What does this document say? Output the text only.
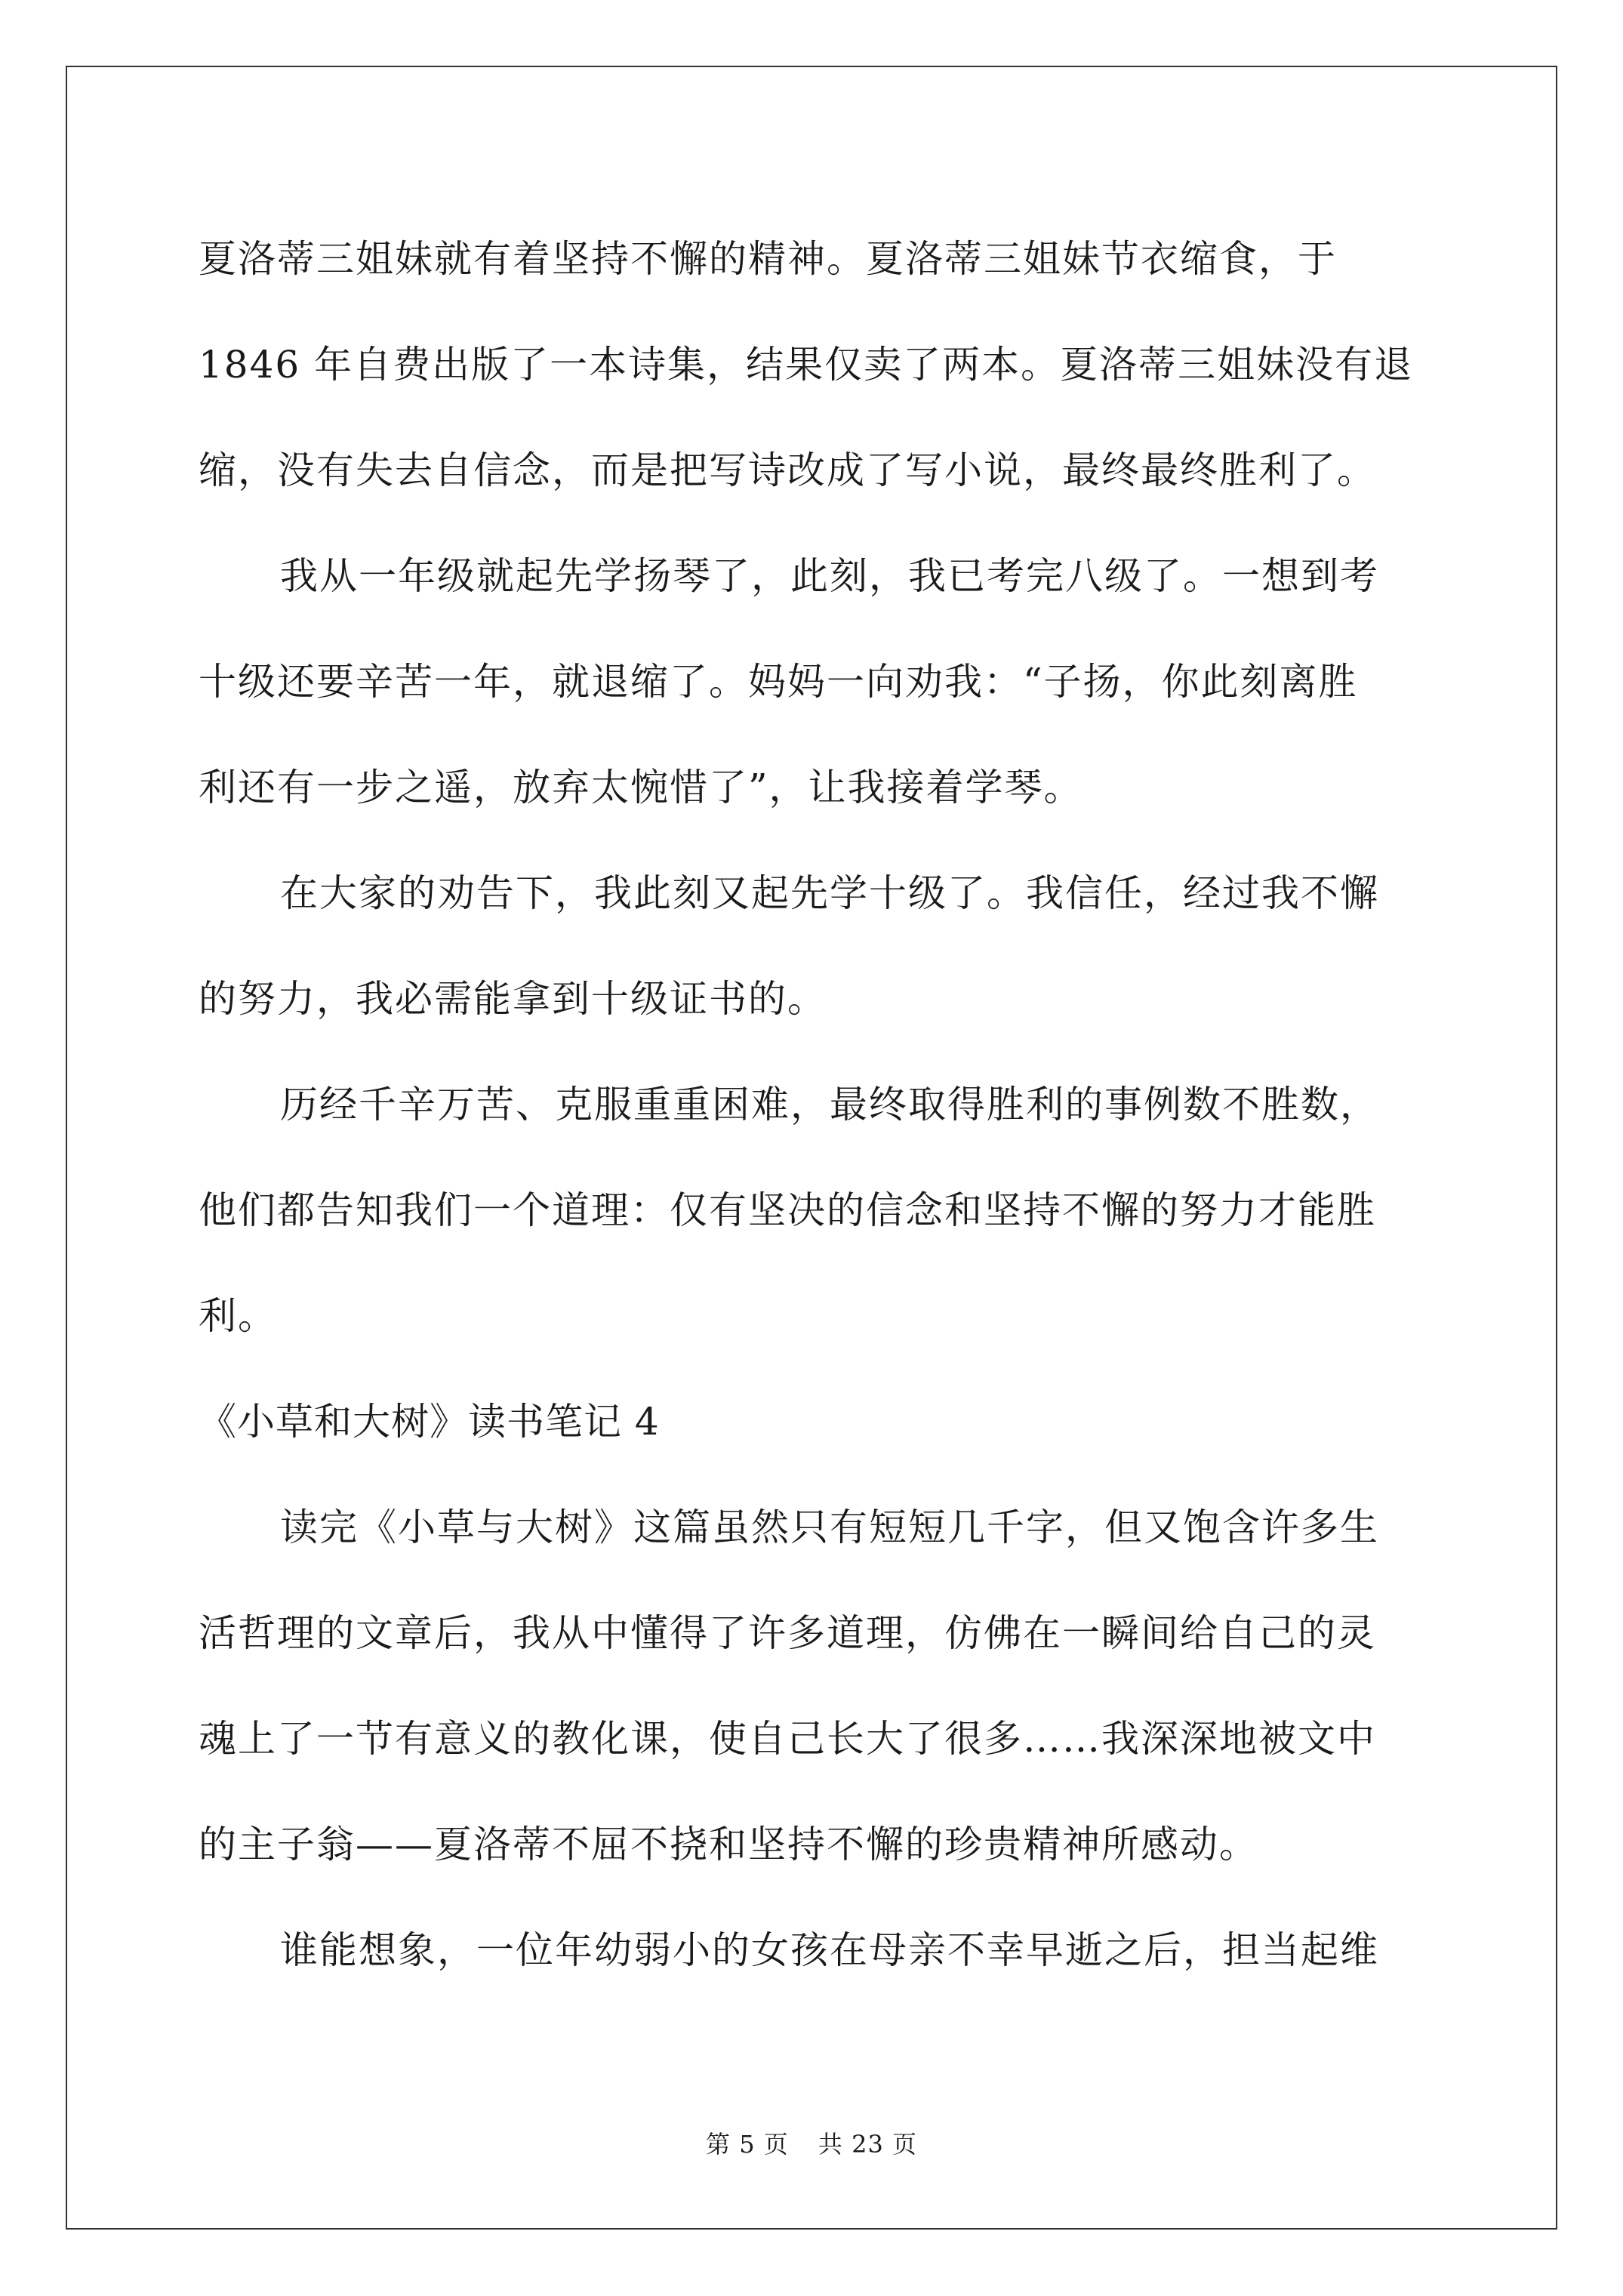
夏洛蒂三姐妹就有着坚持不懈的精神。夏洛蒂三姐妹节衣缩食，于
1846 年自费出版了一本诗集，结果仅卖了两本。夏洛蒂三姐妹没有退
缩，没有失去自信念，而是把写诗改成了写小说，最终最终胜利了。
我从一年级就起先学扬琴了，此刻，我已考完八级了。一想到考
十级还要辛苦一年，就退缩了。妈妈一向劝我：“子扬，你此刻离胜
利还有一步之遥，放弃太惋惜了”，让我接着学琴。
在大家的劝告下，我此刻又起先学十级了。我信任，经过我不懈
的努力，我必需能拿到十级证书的。
历经千辛万苦、克服重重困难，最终取得胜利的事例数不胜数，
他们都告知我们一个道理：仅有坚决的信念和坚持不懈的努力才能胜
利。
《小草和大树》读书笔记 4
读完《小草与大树》这篇虽然只有短短几千字，但又饱含许多生
活哲理的文章后，我从中懂得了许多道理，仿佛在一瞬间给自己的灵
魂上了一节有意义的教化课，使自己长大了很多……我深深地被文中
的主子翁——夏洛蒂不屈不挠和坚持不懈的珍贵精神所感动。
谁能想象，一位年幼弱小的女孩在母亲不幸早逝之后，担当起维
第 5 页 共 23 页
